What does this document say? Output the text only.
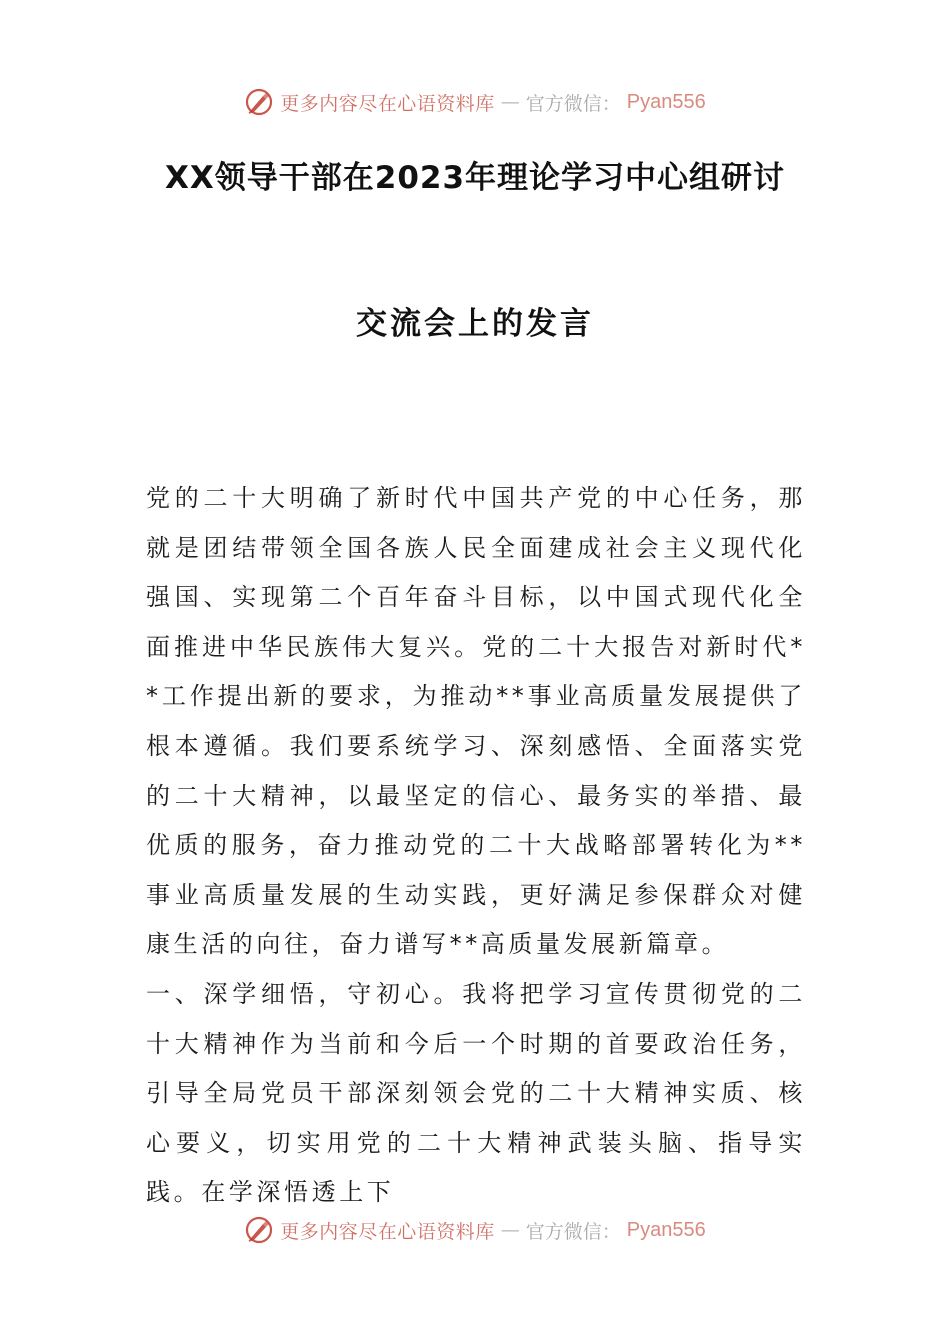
更多内容尽在心语资料库 — 官方微信： Pyan556
XX领导干部在2023年理论学习中心组研讨
交流会上的发言

党的二十大明确了新时代中国共产党的中心任务，那就是团结带领全国各族人民全面建成社会主义现代化强国、实现第二个百年奋斗目标，以中国式现代化全面推进中华民族伟大复兴。党的二十大报告对新时代**工作提出新的要求，为推动**事业高质量发展提供了根本遵循。我们要系统学习、深刻感悟、全面落实党的二十大精神，以最坚定的信心、最务实的举措、最优质的服务，奋力推动党的二十大战略部署转化为**事业高质量发展的生动实践，更好满足参保群众对健康生活的向往，奋力谱写**高质量发展新篇章。

一、深学细悟，守初心。我将把学习宣传贯彻党的二十大精神作为当前和今后一个时期的首要政治任务，引导全局党员干部深刻领会党的二十大精神实质、核心要义，切实用党的二十大精神武装头脑、指导实践。在学深悟透上下

更多内容尽在心语资料库 — 官方微信： Pyan556
